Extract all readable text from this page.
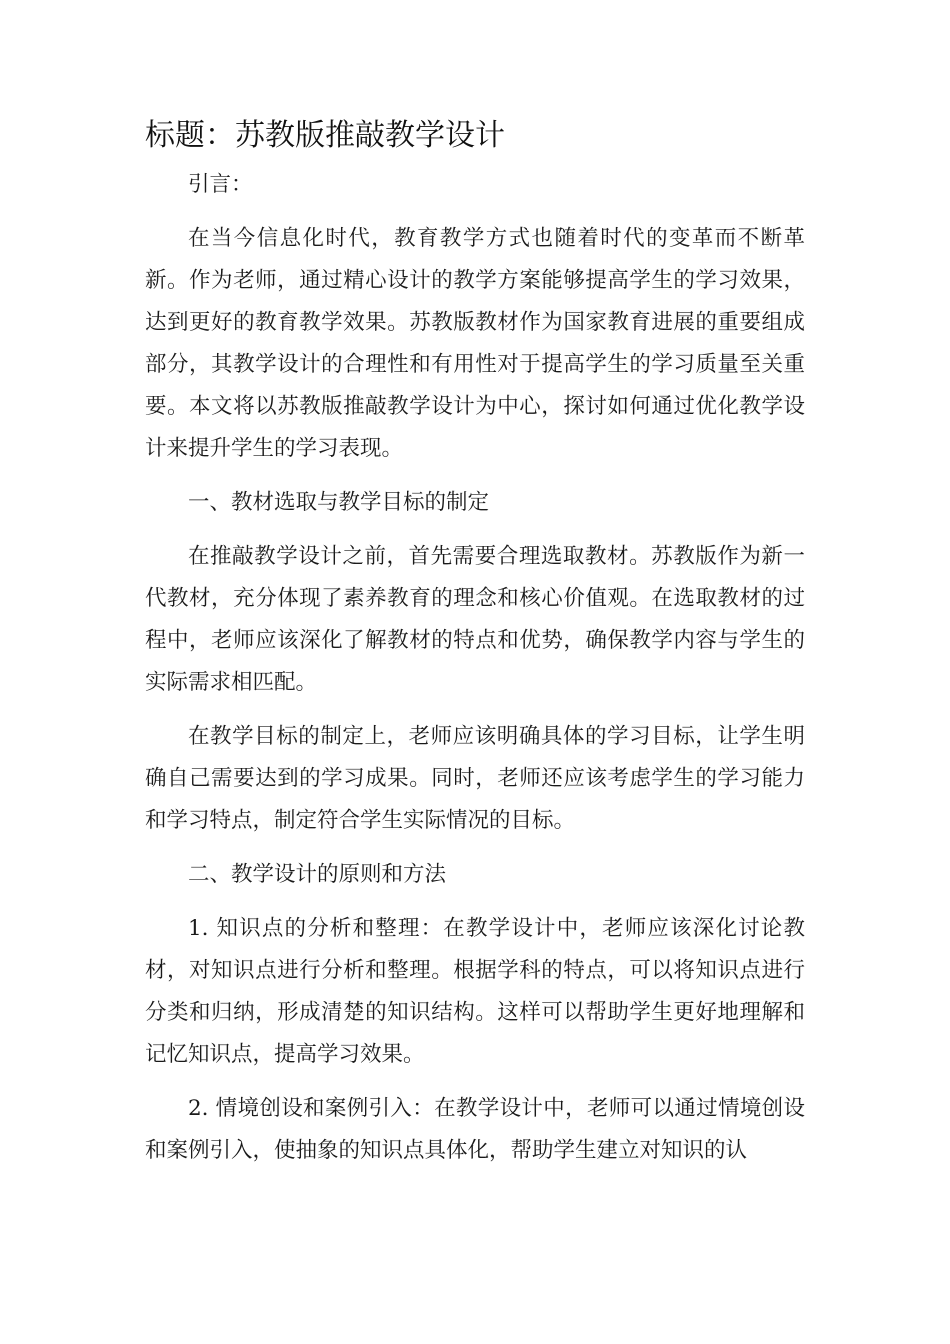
标题：苏教版推敲教学设计

引言：

在当今信息化时代，教育教学方式也随着时代的变革而不断革新。作为老师，通过精心设计的教学方案能够提高学生的学习效果，达到更好的教育教学效果。苏教版教材作为国家教育进展的重要组成部分，其教学设计的合理性和有用性对于提高学生的学习质量至关重要。本文将以苏教版推敲教学设计为中心，探讨如何通过优化教学设计来提升学生的学习表现。

一、教材选取与教学目标的制定

在推敲教学设计之前，首先需要合理选取教材。苏教版作为新一代教材，充分体现了素养教育的理念和核心价值观。在选取教材的过程中，老师应该深化了解教材的特点和优势，确保教学内容与学生的实际需求相匹配。

在教学目标的制定上，老师应该明确具体的学习目标，让学生明确自己需要达到的学习成果。同时，老师还应该考虑学生的学习能力和学习特点，制定符合学生实际情况的目标。

二、教学设计的原则和方法

1. 知识点的分析和整理：在教学设计中，老师应该深化讨论教材，对知识点进行分析和整理。根据学科的特点，可以将知识点进行分类和归纳，形成清楚的知识结构。这样可以帮助学生更好地理解和记忆知识点，提高学习效果。

2. 情境创设和案例引入：在教学设计中，老师可以通过情境创设和案例引入，使抽象的知识点具体化，帮助学生建立对知识的认
